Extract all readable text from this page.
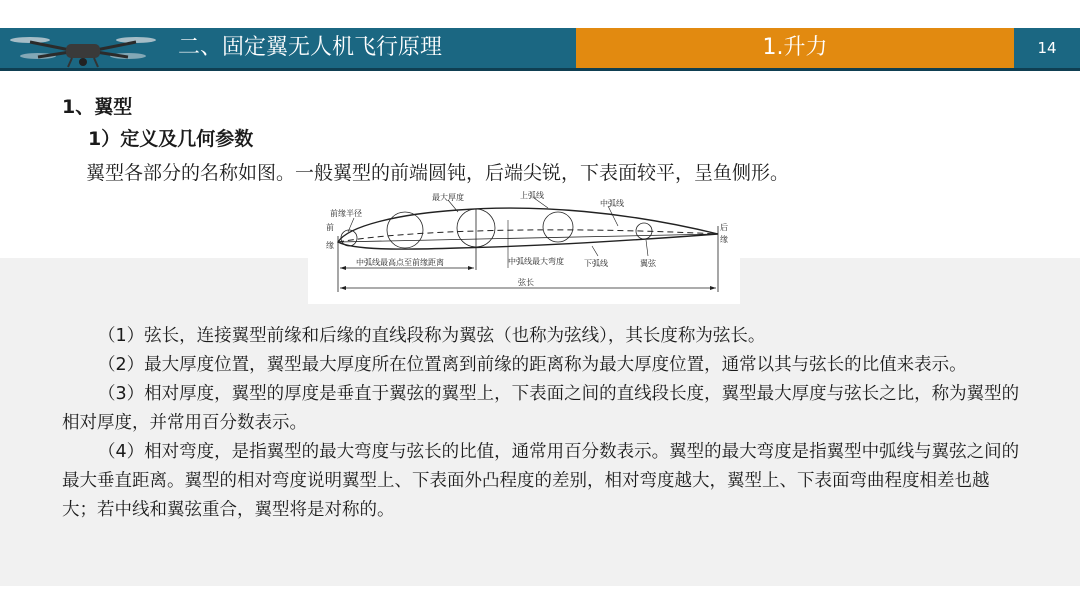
二、固定翼无人机飞行原理	1.升力	14
1、翼型
1）定义及几何参数
翼型各部分的名称如图。一般翼型的前端圆钝，后端尖锐，下表面较平，呈鱼侧形。
前
缘
前缘半径
最大厚度	上弧线
中弧线
后
缘
中弧线最高点至前缘距离	中弧线最大弯度	下弧线	翼弦
弦长

（1）弦长，连接翼型前缘和后缘的直线段称为翼弦（也称为弦线），其长度称为弦长。

（2）最大厚度位置，翼型最大厚度所在位置离到前缘的距离称为最大厚度位置，通常以其与弦长的比值来表示。

（3）相对厚度，翼型的厚度是垂直于翼弦的翼型上，下表面之间的直线段长度，翼型最大厚度与弦长之比，称为翼型的相对厚度，并常用百分数表示。

（4）相对弯度，是指翼型的最大弯度与弦长的比值，通常用百分数表示。翼型的最大弯度是指翼型中弧线与翼弦之间的最大垂直距离。翼型的相对弯度说明翼型上、下表面外凸程度的差别，相对弯度越大，翼型上、下表面弯曲程度相差也越大；若中线和翼弦重合，翼型将是对称的。
